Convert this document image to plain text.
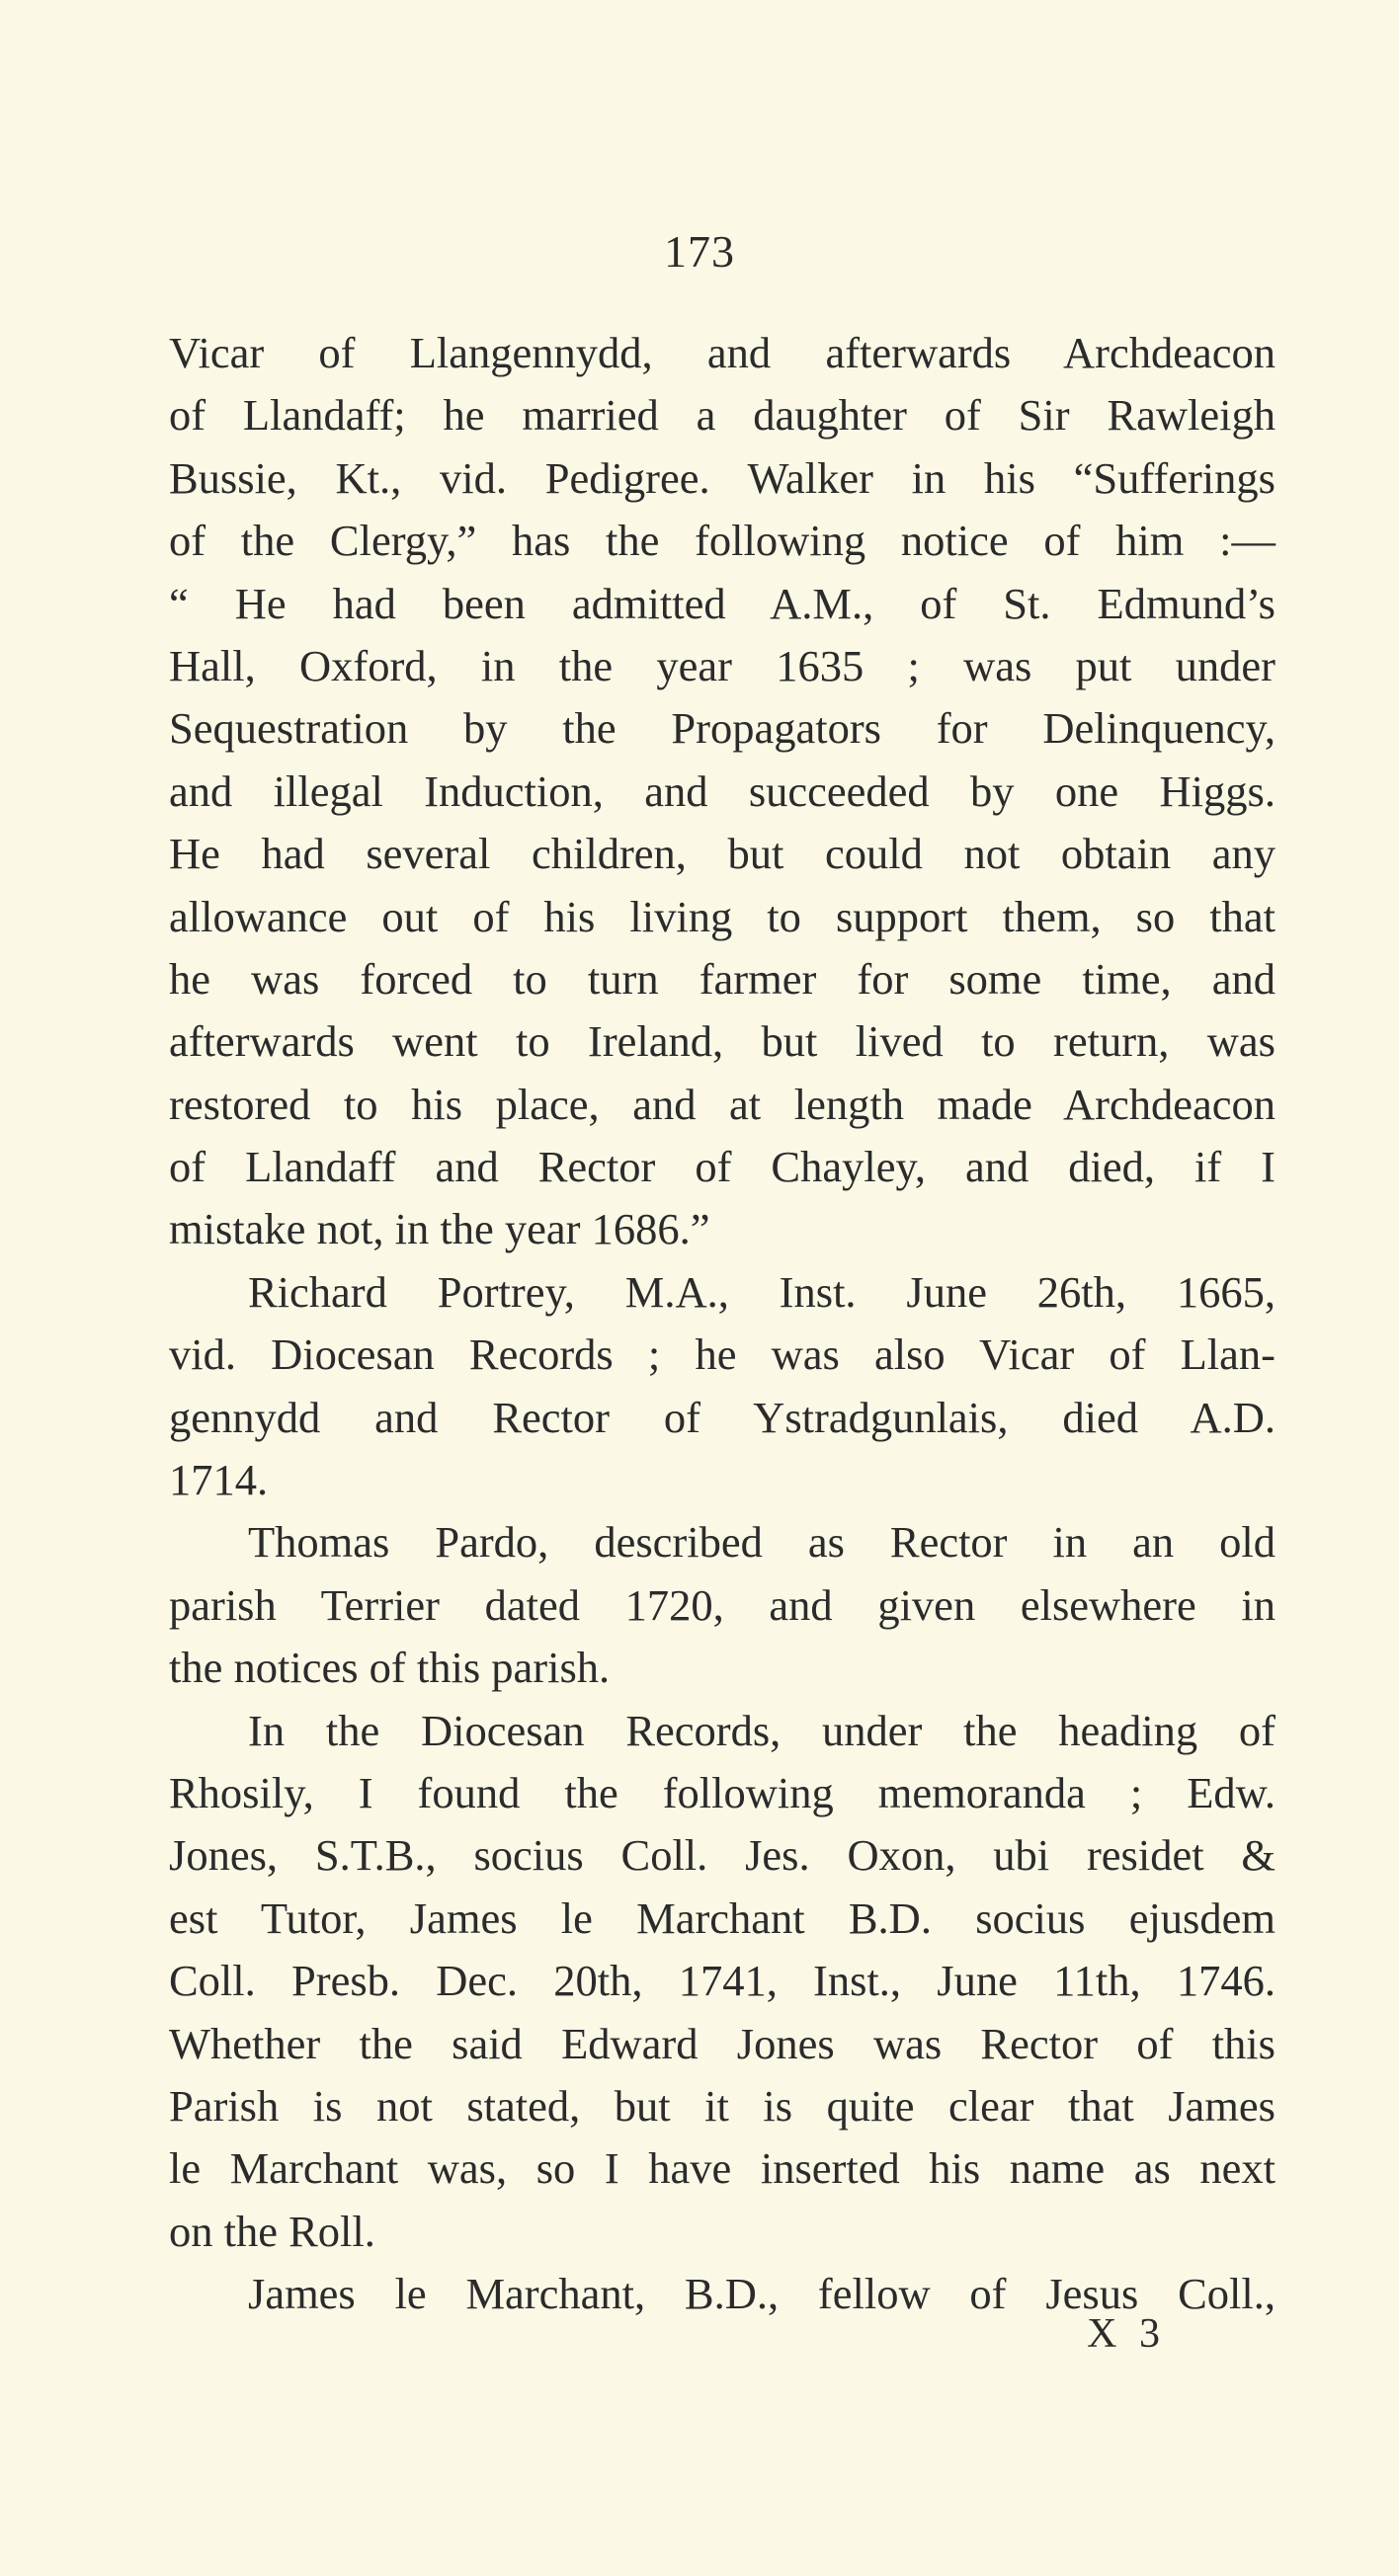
173
Vicar of Llangennydd, and afterwards Archdeacon
of Llandaff; he married a daughter of Sir Rawleigh
Bussie, Kt., vid. Pedigree. Walker in his “Sufferings
of the Clergy,” has the following notice of him :—
“ He had been admitted A.M., of St. Edmund’s
Hall, Oxford, in the year 1635 ; was put under
Sequestration by the Propagators for Delinquency,
and illegal Induction, and succeeded by one Higgs.
He had several children, but could not obtain any
allowance out of his living to support them, so that
he was forced to turn farmer for some time, and
afterwards went to Ireland, but lived to return, was
restored to his place, and at length made Archdeacon
of Llandaff and Rector of Chayley, and died, if I
mistake not, in the year 1686.”
Richard Portrey, M.A., Inst. June 26th, 1665,
vid. Diocesan Records ; he was also Vicar of Llan-
gennydd and Rector of Ystradgunlais, died A.D.
1714.
Thomas Pardo, described as Rector in an old
parish Terrier dated 1720, and given elsewhere in
the notices of this parish.
In the Diocesan Records, under the heading of
Rhosily, I found the following memoranda ; Edw.
Jones, S.T.B., socius Coll. Jes. Oxon, ubi residet &
est Tutor, James le Marchant B.D. socius ejusdem
Coll. Presb. Dec. 20th, 1741, Inst., June 11th, 1746.
Whether the said Edward Jones was Rector of this
Parish is not stated, but it is quite clear that James
le Marchant was, so I have inserted his name as next
on the Roll.
James le Marchant, B.D., fellow of Jesus Coll.,
X 3
